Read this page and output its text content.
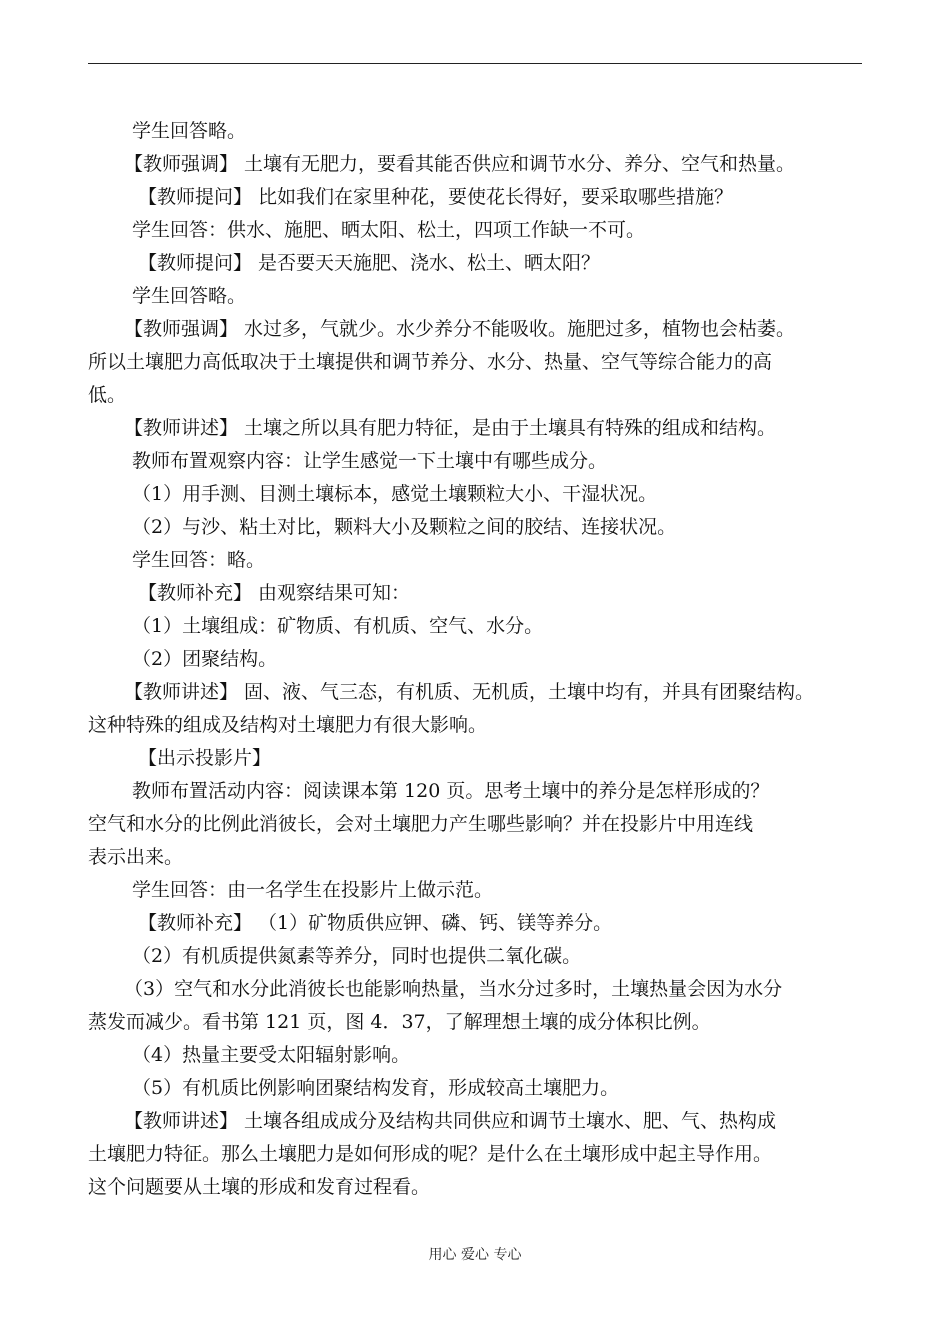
学生回答略。
【教师强调】 土壤有无肥力，要看其能否供应和调节水分、养分、空气和热量。
【教师提问】 比如我们在家里种花，要使花长得好，要采取哪些措施？
学生回答：供水、施肥、晒太阳、松土，四项工作缺一不可。
【教师提问】 是否要天天施肥、浇水、松土、晒太阳？
学生回答略。
【教师强调】 水过多，气就少。水少养分不能吸收。施肥过多，植物也会枯萎。
所以土壤肥力高低取决于土壤提供和调节养分、水分、热量、空气等综合能力的高
低。
【教师讲述】 土壤之所以具有肥力特征，是由于土壤具有特殊的组成和结构。
教师布置观察内容：让学生感觉一下土壤中有哪些成分。
（1）用手测、目测土壤标本，感觉土壤颗粒大小、干湿状况。
（2）与沙、粘土对比，颗料大小及颗粒之间的胶结、连接状况。
学生回答：略。
【教师补充】 由观察结果可知：
（1）土壤组成：矿物质、有机质、空气、水分。
（2）团聚结构。
【教师讲述】 固、液、气三态，有机质、无机质，土壤中均有，并具有团聚结构。
这种特殊的组成及结构对土壤肥力有很大影响。
【出示投影片】
教师布置活动内容：阅读课本第 120 页。思考土壤中的养分是怎样形成的？
空气和水分的比例此消彼长，会对土壤肥力产生哪些影响？并在投影片中用连线
表示出来。
学生回答：由一名学生在投影片上做示范。
【教师补充】 （1）矿物质供应钾、磷、钙、镁等养分。
（2）有机质提供氮素等养分，同时也提供二氧化碳。
（3）空气和水分此消彼长也能影响热量，当水分过多时，土壤热量会因为水分
蒸发而减少。看书第 121 页，图 4．37，了解理想土壤的成分体积比例。
（4）热量主要受太阳辐射影响。
（5）有机质比例影响团聚结构发育，形成较高土壤肥力。
【教师讲述】 土壤各组成成分及结构共同供应和调节土壤水、肥、气、热构成
土壤肥力特征。那么土壤肥力是如何形成的呢？是什么在土壤形成中起主导作用。
这个问题要从土壤的形成和发育过程看。
用心 爱心 专心
